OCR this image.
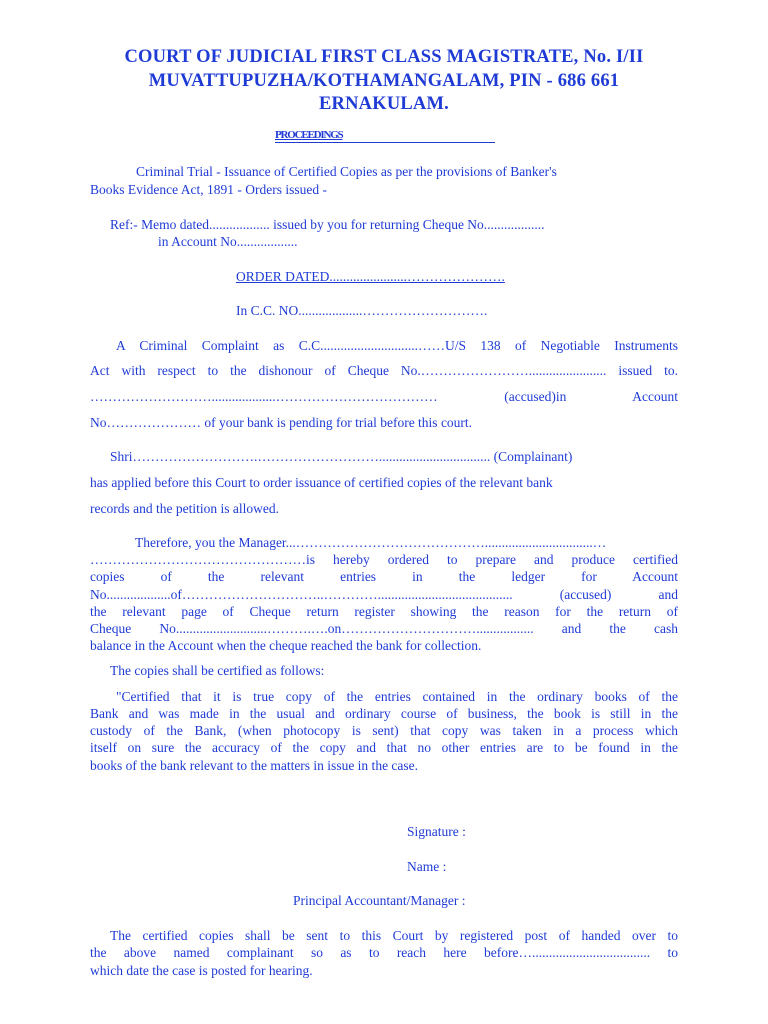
COURT OF JUDICIAL FIRST CLASS MAGISTRATE, No. I/II
MUVATTUPUZHA/KOTHAMANGALAM, PIN - 686 661
ERNAKULAM.
PROCEEDINGS
Criminal Trial - Issuance of Certified Copies as per the provisions of Banker's
Books Evidence Act, 1891 - Orders issued -
Ref:- Memo dated.................. issued by you for returning Cheque No..................
in Account No..................
ORDER DATED.......................………………….
In C.C. NO...................……………………….
A Criminal Complaint as C.C.............................……U/S 138 of Negotiable Instruments
Act with respect to the dishonour of Cheque No.……………………....................... issued to.
………………………...................……………………………… (accused)in Account
No………………… of your bank is pending for trial before this court.
Shri……………………….………………………................................. (Complainant)
has applied before this Court to order issuance of certified copies of the relevant bank
records and the petition is allowed.
Therefore, you the Manager...……………………………………................................…
…………………………………………is hereby ordered to prepare and produce certified
copies of the relevant entries in the ledger for Account
No...................of…………………………..…………........................................ (accused) and
the relevant page of Cheque return register showing the reason for the return of
Cheque No...........................……….….on…………………………................. and the cash
balance in the Account when the cheque reached the bank for collection.
The copies shall be certified as follows:
"Certified that it is true copy of the entries contained in the ordinary books of the
Bank and was made in the usual and ordinary course of business, the book is still in the
custody of the Bank, (when photocopy is sent) that copy was taken in a process which
itself on sure the accuracy of the copy and that no other entries are to be found in the
books of the bank relevant to the matters in issue in the case.
Signature :
Name :
Principal Accountant/Manager :
The certified copies shall be sent to this Court by registered post of handed over to
the above named complainant so as to reach here before…................................... to
which date the case is posted for hearing.
